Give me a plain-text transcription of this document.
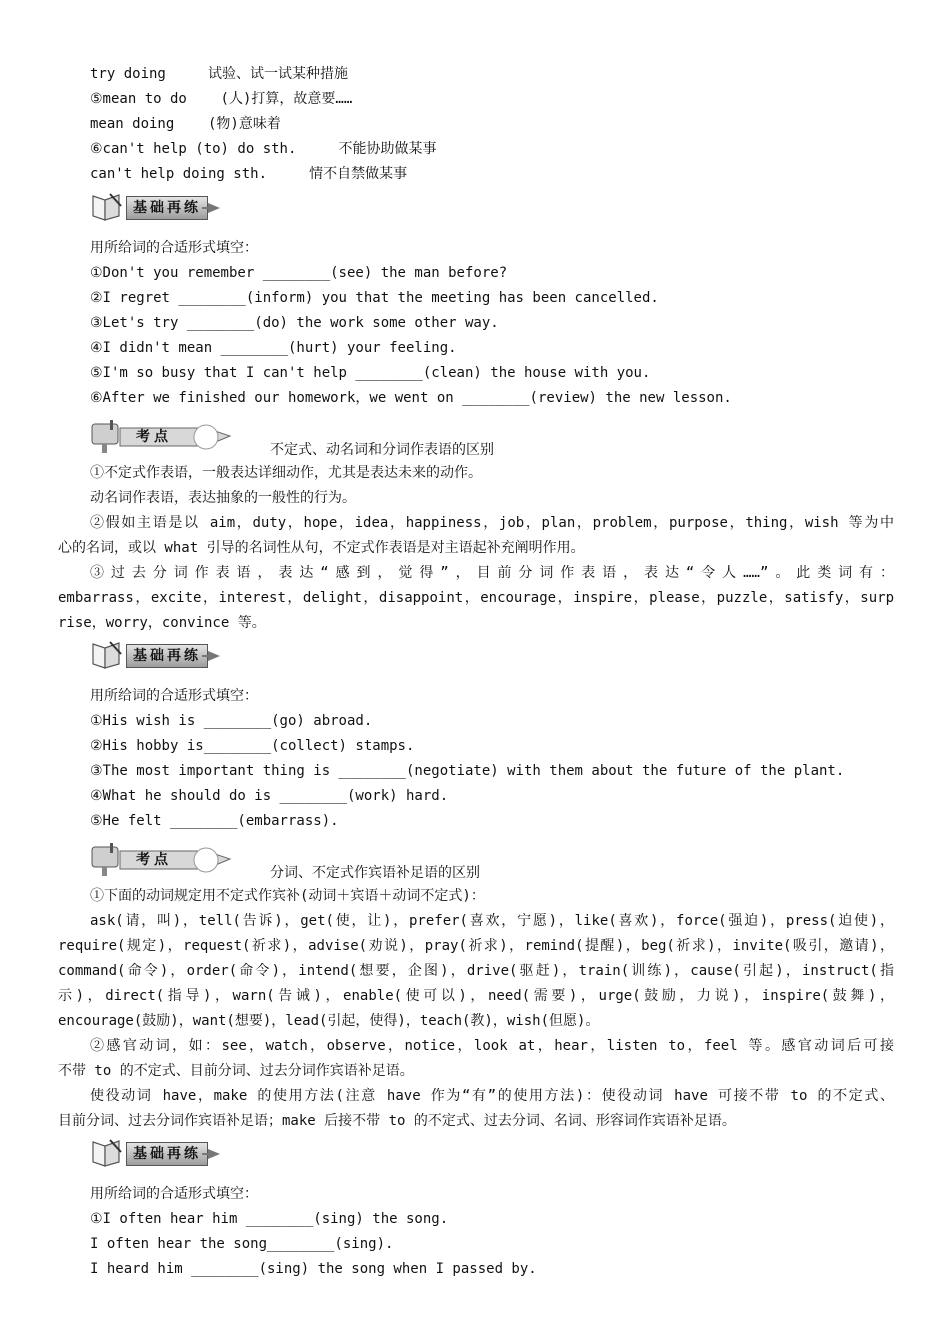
try doing     试验、试一试某种措施
⑤mean to do    (人)打算，故意要……
mean doing    (物)意味着
⑥can't help (to) do sth.     不能协助做某事
can't help doing sth.     情不自禁做某事
基础再练
用所给词的合适形式填空：
①Don't you remember ________(see) the man before?
②I regret ________(inform) you that the meeting has been cancelled.
③Let's try ________(do) the work some other way.
④I didn't mean ________(hurt) your feeling.
⑤I'm so busy that I can't help ________(clean) the house with you.
⑥After we finished our homework，we went on ________(review) the new lesson.
考点
不定式、动名词和分词作表语的区别
①不定式作表语，一般表达详细动作，尤其是表达未来的动作。
动名词作表语，表达抽象的一般性的行为。
②假如主语是以 aim，duty，hope，idea，happiness，job，plan，problem，purpose，thing，wish 等为中
心的名词，或以 what 引导的名词性从句，不定式作表语是对主语起补充阐明作用。
③过去分词作表语，表达“感到，觉得”，目前分词作表语，表达“令人……”。此类词有：
embarrass，excite，interest，delight，disappoint，encourage，inspire，please，puzzle，satisfy，surp
rise，worry，convince 等。
基础再练
用所给词的合适形式填空：
①His wish is ________(go) abroad.
②His hobby is________(collect) stamps.
③The most important thing is ________(negotiate) with them about the future of the plant.
④What he should do is ________(work) hard.
⑤He felt ________(embarrass).
考点
分词、不定式作宾语补足语的区别
①下面的动词规定用不定式作宾补(动词＋宾语＋动词不定式)：
ask(请，叫)，tell(告诉)，get(使，让)，prefer(喜欢，宁愿)，like(喜欢)，force(强迫)，press(迫使)，
require(规定)，request(祈求)，advise(劝说)，pray(祈求)，remind(提醒)，beg(祈求)，invite(吸引，邀请)，
command(命令)，order(命令)，intend(想要，企图)，drive(驱赶)，train(训练)，cause(引起)，instruct(指
示)，direct(指导)，warn(告诫)，enable(使可以)，need(需要)，urge(鼓励，力说)，inspire(鼓舞)，
encourage(鼓励)，want(想要)，lead(引起，使得)，teach(教)，wish(但愿)。
②感官动词，如：see，watch，observe，notice，look at，hear，listen to，feel 等。感官动词后可接
不带 to 的不定式、目前分词、过去分词作宾语补足语。
使役动词 have，make 的使用方法(注意 have 作为“有”的使用方法)：使役动词 have 可接不带 to 的不定式、
目前分词、过去分词作宾语补足语；make 后接不带 to 的不定式、过去分词、名词、形容词作宾语补足语。
基础再练
用所给词的合适形式填空：
①I often hear him ________(sing) the song.
I often hear the song________(sing).
I heard him ________(sing) the song when I passed by.
